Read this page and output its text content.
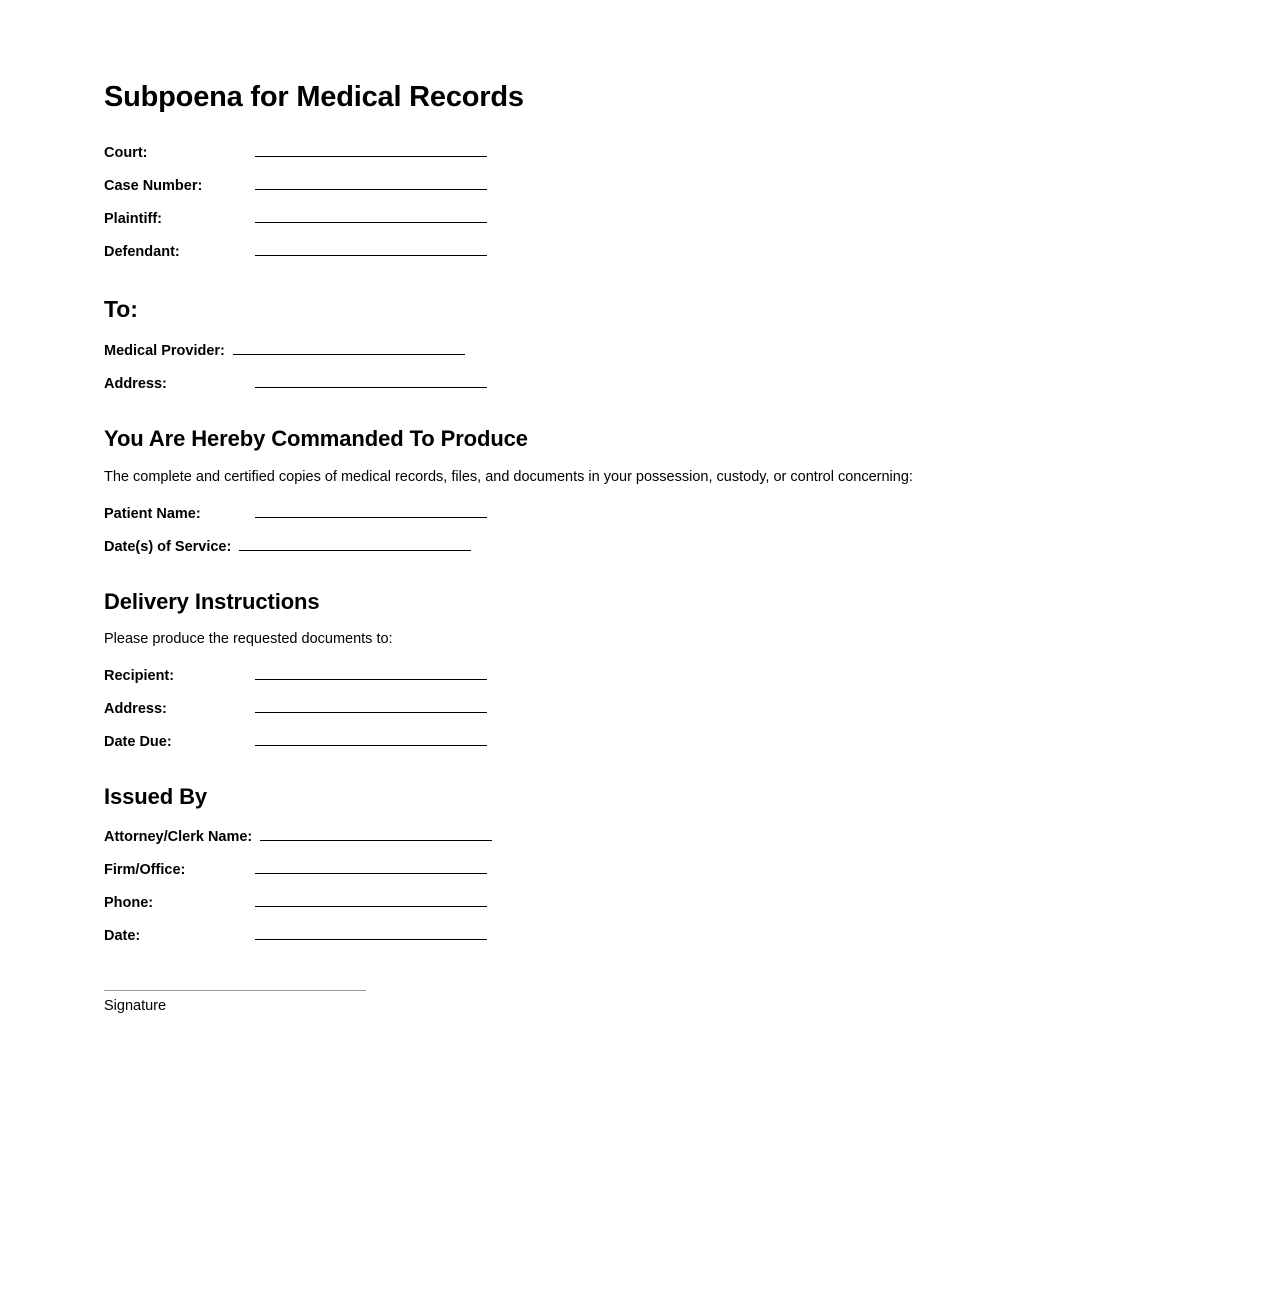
Subpoena for Medical Records
Court:
Case Number:
Plaintiff:
Defendant:
To:
Medical Provider:
Address:
You Are Hereby Commanded To Produce

The complete and certified copies of medical records, files, and documents in your possession, custody, or control concerning:

Patient Name:
Date(s) of Service:
Delivery Instructions

Please produce the requested documents to:

Recipient:
Address:
Date Due:
Issued By
Attorney/Clerk Name:
Firm/Office:
Phone:
Date:
Signature
